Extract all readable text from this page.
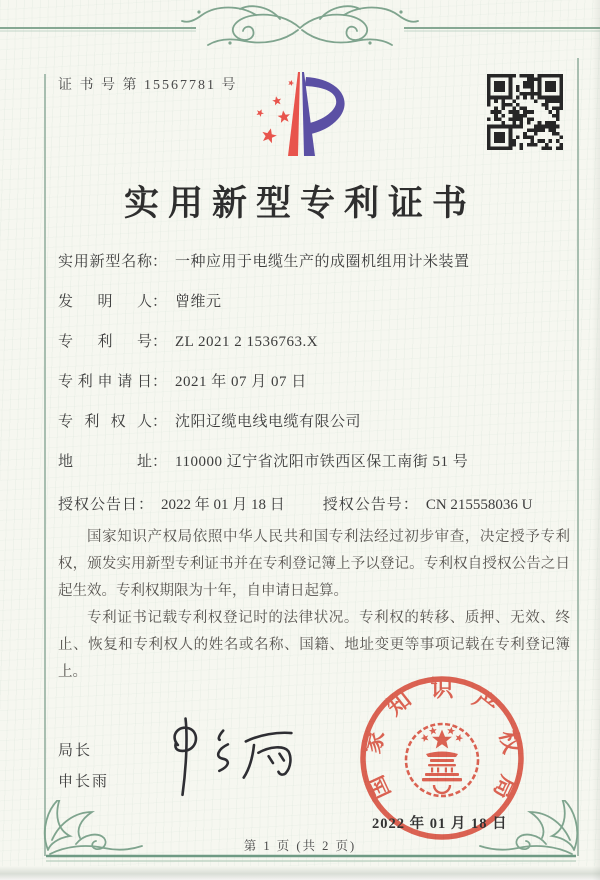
证 书 号 第 15567781 号
实用新型专利证书
实用新型名称 ： 一种应用于电缆生产的成圈机组用计米装置
发明人 ： 曾维元
专利号 ： ZL 2021 2 1536763.X
专利申请日 ： 2021 年 07 月 07 日
专利权人 ： 沈阳辽缆电线电缆有限公司
地址 ： 110000 辽宁省沈阳市铁西区保工南街 51 号
授权公告日 ： 2022 年 01 月 18 日	授权公告号 ： CN 215558036 U

国家知识产权局依照中华人民共和国专利法经过初步审查，决定授予专利权，颁发实用新型专利证书并在专利登记簿上予以登记。专利权自授权公告之日起生效。专利权期限为十年，自申请日起算。

专利证书记载专利权登记时的法律状况。专利权的转移、质押、无效、终止、恢复和专利权人的姓名或名称、国籍、地址变更等事项记载在专利登记簿上。

局长
申长雨	国
家
知 识 产
权
局
2022 年 01 月 18 日
第 1 页 (共 2 页)
